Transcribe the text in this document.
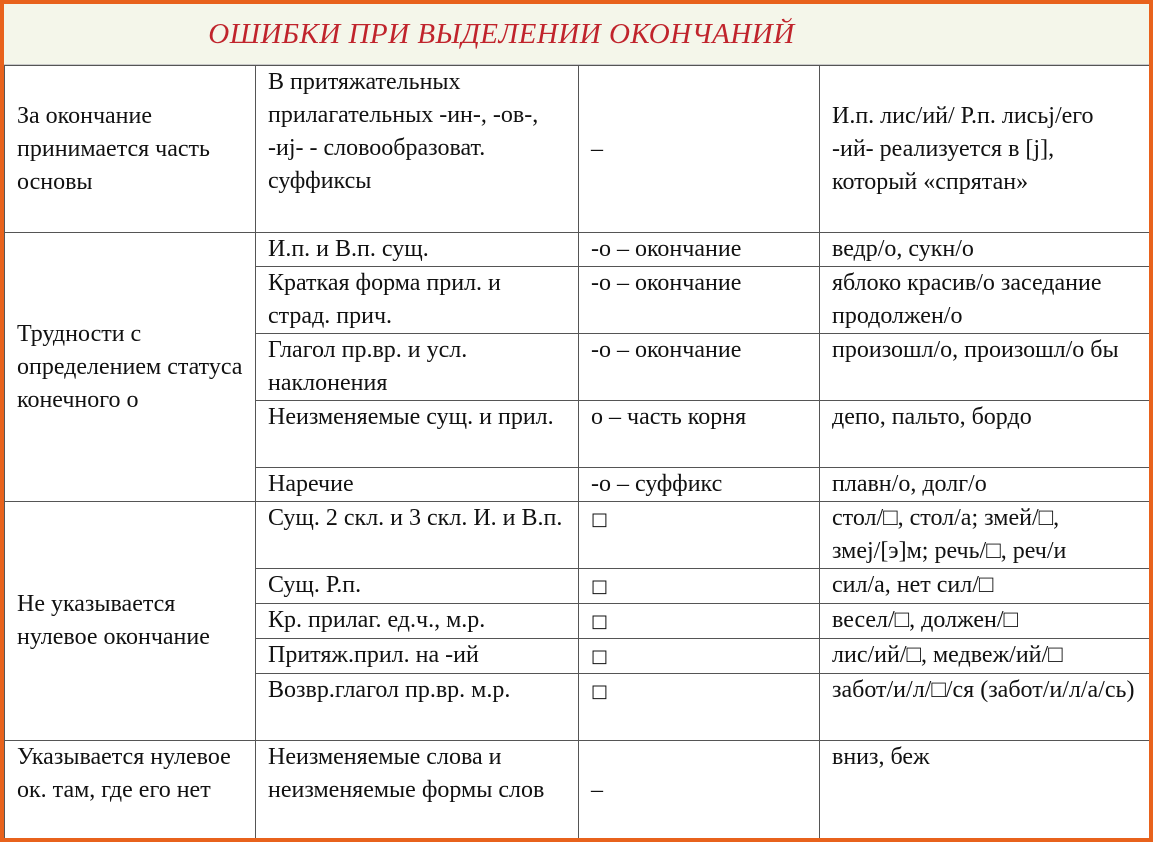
ОШИБКИ ПРИ ВЫДЕЛЕНИИ ОКОНЧАНИЙ
За окончание принимается часть основы	В притяжательных прилагательных -ин-, -ов-, -иj- - словообразоват. суффиксы	–	И.п. лис/ий/ Р.п. лисьj/его -ий- реализуется в [j], который «спрятан»
Трудности с определением статуса конечного о	И.п. и В.п. сущ.	-о – окончание	ведр/о, сукн/о
	Краткая форма прил. и страд. прич.	-о – окончание	яблоко красив/о заседание продолжен/о
	Глагол пр.вр. и усл. наклонения	-о – окончание	произошл/о, произошл/о бы
	Неизменяемые сущ. и прил.	о – часть корня	депо, пальто, бордо
	Наречие	-о – суффикс	плавн/о, долг/о
Не указывается нулевое окончание	Сущ. 2 скл. и 3 скл. И. и В.п.	□	стол/□, стол/а; змей/□, змеj/[э]м; речь/□, реч/и
	Сущ. Р.п.	□	сил/а, нет сил/□
	Кр. прилаг. ед.ч., м.р.	□	весел/□, должен/□
	Притяж.прил. на -ий	□	лис/ий/□, медвеж/ий/□
	Возвр.глагол пр.вр. м.р.	□	забот/и/л/□/ся (забот/и/л/а/сь)
Указывается нулевое ок. там, где его нет	Неизменяемые слова и неизменяемые формы слов	–	вниз, беж
